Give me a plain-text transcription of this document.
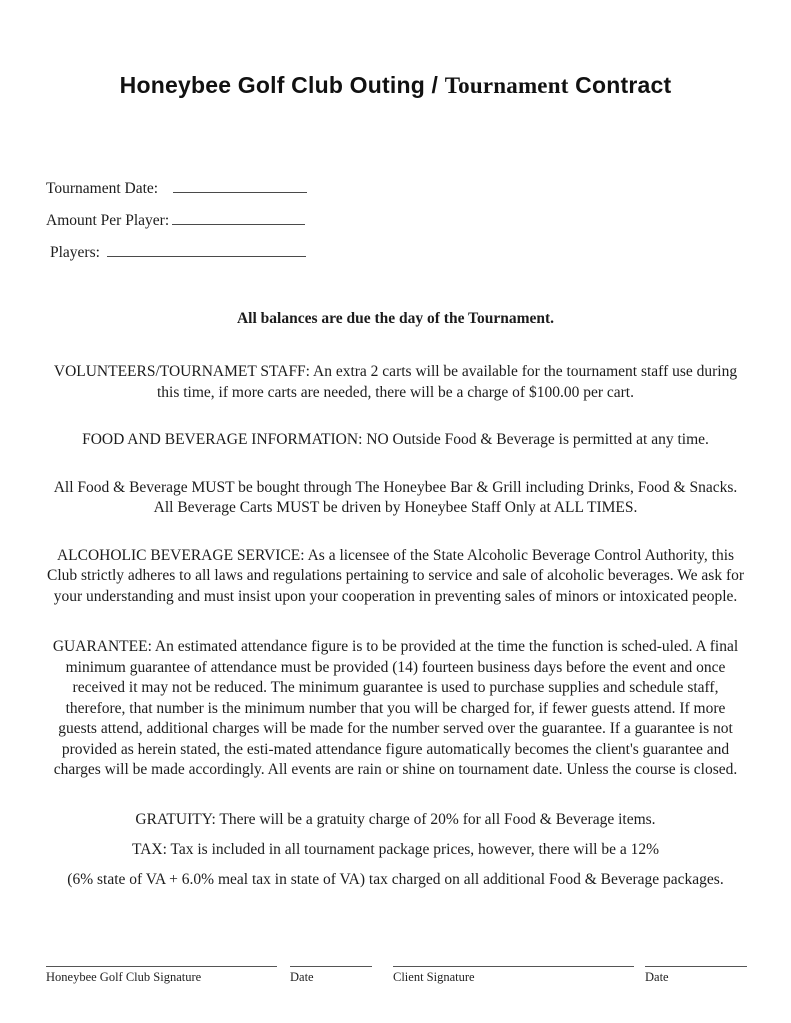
Honeybee Golf Club Outing / Tournament Contract
Tournament Date:
Amount Per Player:
Players:
All balances are due the day of the Tournament.

VOLUNTEERS/TOURNAMET STAFF: An extra 2 carts will be available for the tournament staff use during this time, if more carts are needed, there will be a charge of $100.00 per cart.

FOOD AND BEVERAGE INFORMATION: NO Outside Food & Beverage is permitted at any time.

All Food & Beverage MUST be bought through The Honeybee Bar & Grill including Drinks, Food & Snacks. All Beverage Carts MUST be driven by Honeybee Staff Only at ALL TIMES.

ALCOHOLIC BEVERAGE SERVICE: As a licensee of the State Alcoholic Beverage Control Authority, this Club strictly adheres to all laws and regulations pertaining to service and sale of alcoholic beverages. We ask for your understanding and must insist upon your cooperation in preventing sales of minors or intoxicated people.

GUARANTEE: An estimated attendance figure is to be provided at the time the function is sched-uled. A final minimum guarantee of attendance must be provided (14) fourteen business days before the event and once received it may not be reduced. The minimum guarantee is used to purchase supplies and schedule staff, therefore, that number is the minimum number that you will be charged for, if fewer guests attend. If more guests attend, additional charges will be made for the number served over the guarantee. If a guarantee is not provided as herein stated, the esti-mated attendance figure automatically becomes the client's guarantee and charges will be made accordingly. All events are rain or shine on tournament date. Unless the course is closed.

GRATUITY: There will be a gratuity charge of 20% for all Food & Beverage items.

TAX: Tax is included in all tournament package prices, however, there will be a 12%

(6% state of VA + 6.0% meal tax in state of VA) tax charged on all additional Food & Beverage packages.

Honeybee Golf Club Signature	Date	Client Signature	Date
